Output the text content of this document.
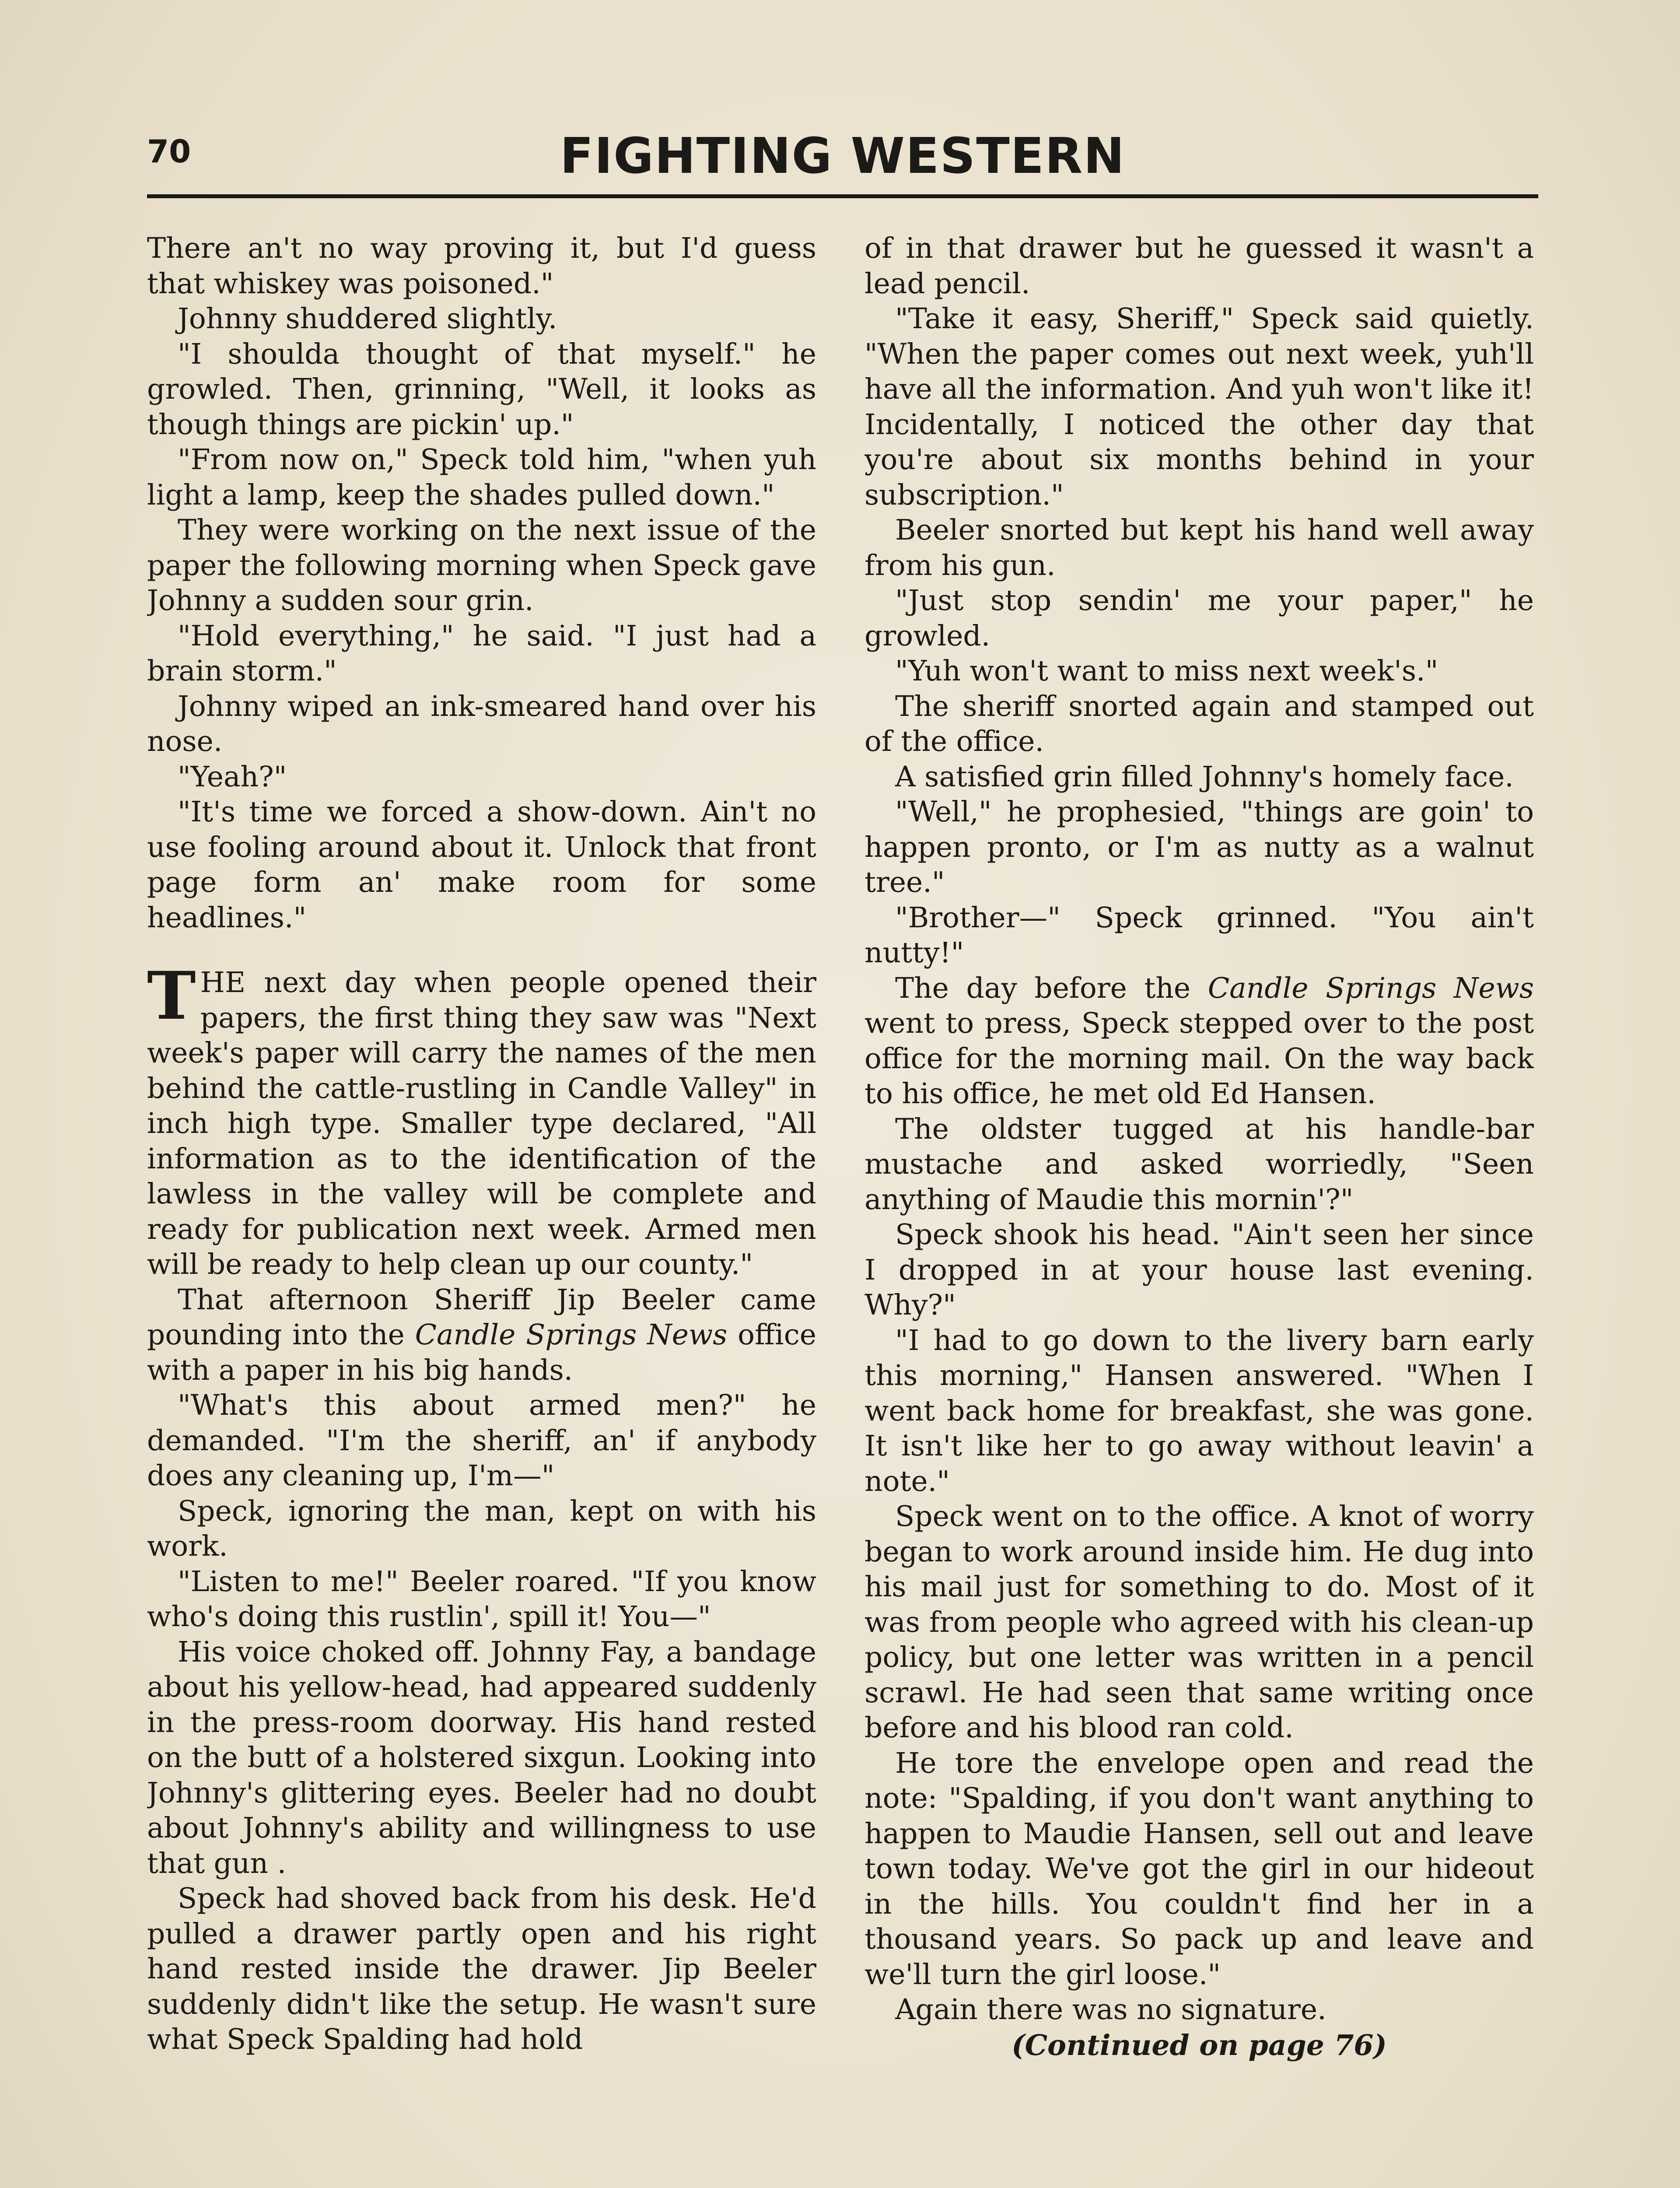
70	FIGHTING WESTERN

There an't no way proving it, but I'd guess that whiskey was poisoned."

Johnny shuddered slightly.

"I shoulda thought of that myself." he growled. Then, grinning, "Well, it looks as though things are pickin' up."

"From now on," Speck told him, "when yuh light a lamp, keep the shades pulled down."

They were working on the next issue of the paper the following morning when Speck gave Johnny a sudden sour grin.

"Hold everything," he said. "I just had a brain storm."

Johnny wiped an ink-smeared hand over his nose.

"Yeah?"

"It's time we forced a show-down. Ain't no use fooling around about it. Unlock that front page form an' make room for some headlines."

THE next day when people opened their papers, the first thing they saw was "Next week's paper will carry the names of the men behind the cattle-rustling in Candle Valley" in inch high type. Smaller type declared, "All information as to the identification of the lawless in the valley will be complete and ready for publication next week. Armed men will be ready to help clean up our county."

That afternoon Sheriff Jip Beeler came pounding into the Candle Springs News office with a paper in his big hands.

"What's this about armed men?" he demanded. "I'm the sheriff, an' if anybody does any cleaning up, I'm—"

Speck, ignoring the man, kept on with his work.

"Listen to me!" Beeler roared. "If you know who's doing this rustlin', spill it! You—"

His voice choked off. Johnny Fay, a bandage about his yellow-head, had appeared suddenly in the press-room doorway. His hand rested on the butt of a holstered sixgun. Looking into Johnny's glittering eyes. Beeler had no doubt about Johnny's ability and willingness to use that gun .

Speck had shoved back from his desk. He'd pulled a drawer partly open and his right hand rested inside the drawer. Jip Beeler suddenly didn't like the setup. He wasn't sure what Speck Spalding had hold

of in that drawer but he guessed it wasn't a lead pencil.

"Take it easy, Sheriff," Speck said quietly. "When the paper comes out next week, yuh'll have all the information. And yuh won't like it! Incidentally, I noticed the other day that you're about six months behind in your subscription."

Beeler snorted but kept his hand well away from his gun.

"Just stop sendin' me your paper," he growled.

"Yuh won't want to miss next week's."

The sheriff snorted again and stamped out of the office.

A satisfied grin filled Johnny's homely face.

"Well," he prophesied, "things are goin' to happen pronto, or I'm as nutty as a walnut tree."

"Brother—" Speck grinned. "You ain't nutty!"

The day before the Candle Springs News went to press, Speck stepped over to the post office for the morning mail. On the way back to his office, he met old Ed Hansen.

The oldster tugged at his handle-bar mustache and asked worriedly, "Seen anything of Maudie this mornin'?"

Speck shook his head. "Ain't seen her since I dropped in at your house last evening. Why?"

"I had to go down to the livery barn early this morning," Hansen answered. "When I went back home for breakfast, she was gone. It isn't like her to go away without leavin' a note."

Speck went on to the office. A knot of worry began to work around inside him. He dug into his mail just for something to do. Most of it was from people who agreed with his clean-up policy, but one letter was written in a pencil scrawl. He had seen that same writing once before and his blood ran cold.

He tore the envelope open and read the note: "Spalding, if you don't want anything to happen to Maudie Hansen, sell out and leave town today. We've got the girl in our hideout in the hills. You couldn't find her in a thousand years. So pack up and leave and we'll turn the girl loose."

Again there was no signature.

(Continued on page 76)
